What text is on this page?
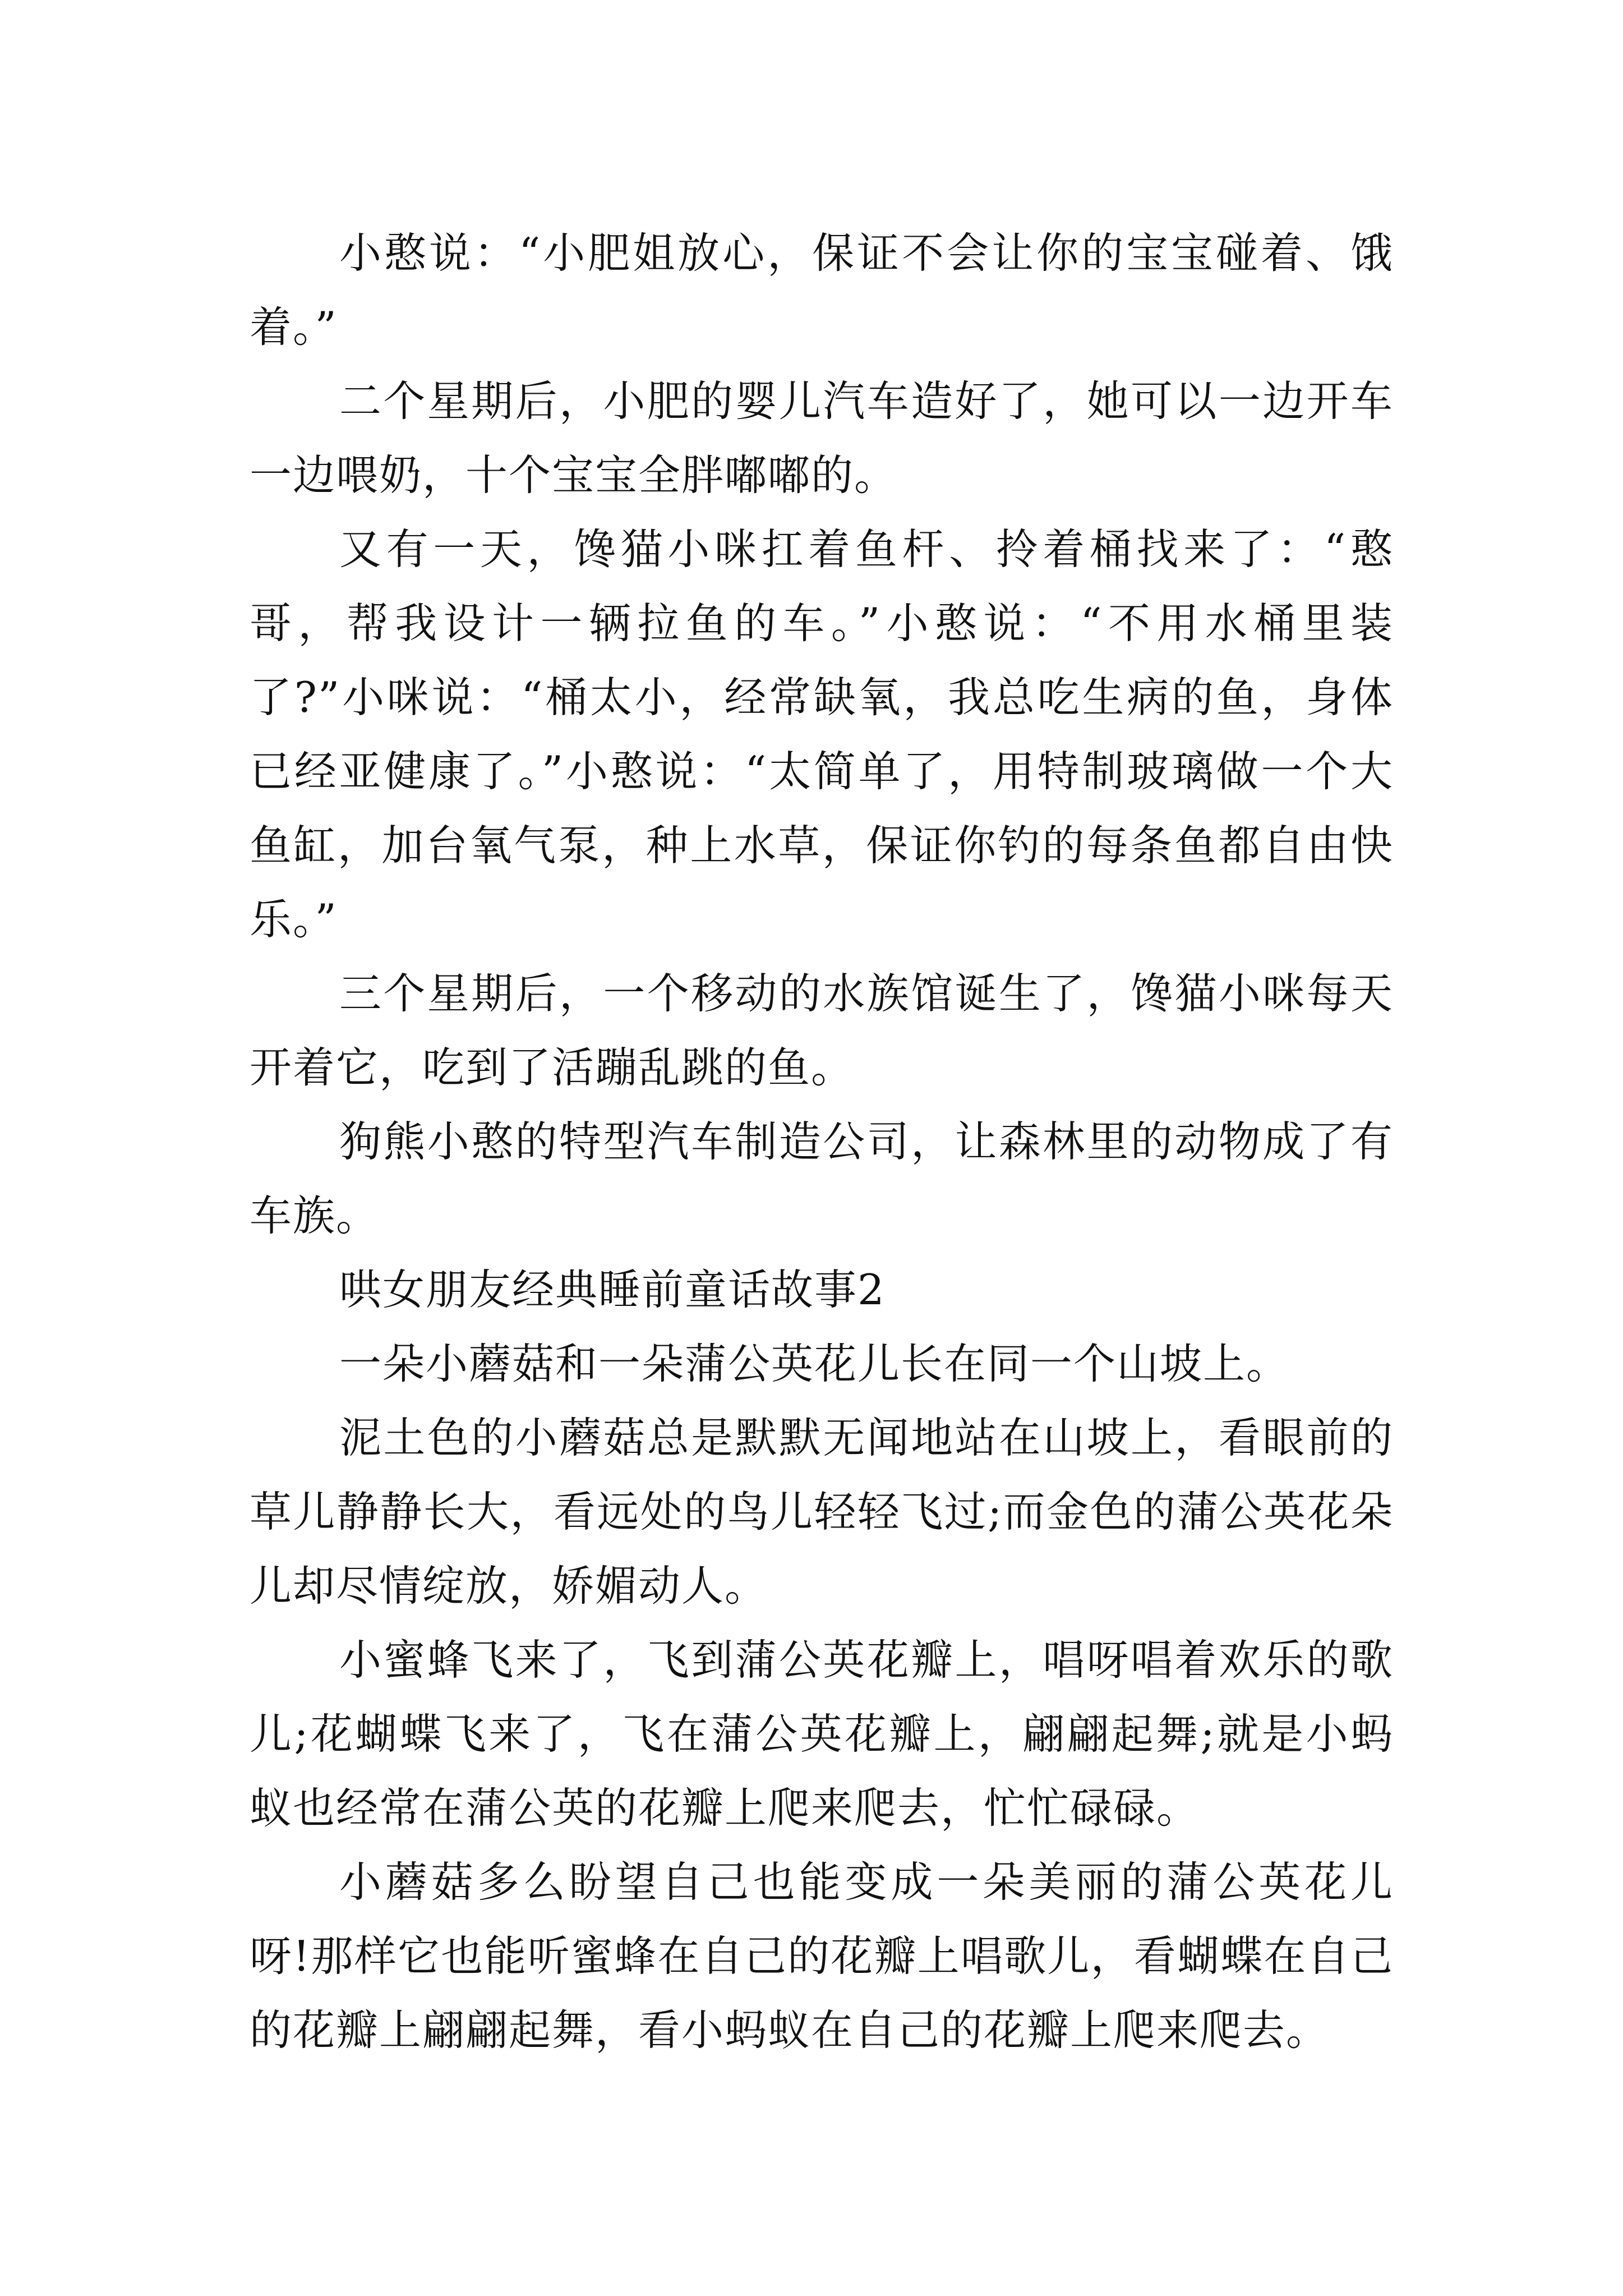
小憨说：“小肥姐放心，保证不会让你的宝宝碰着、饿着。”

二个星期后，小肥的婴儿汽车造好了，她可以一边开车一边喂奶，十个宝宝全胖嘟嘟的。

又有一天，馋猫小咪扛着鱼杆、拎着桶找来了：“憨哥，帮我设计一辆拉鱼的车。”小憨说：“不用水桶里装了?”小咪说：“桶太小，经常缺氧，我总吃生病的鱼，身体已经亚健康了。”小憨说：“太简单了，用特制玻璃做一个大鱼缸，加台氧气泵，种上水草，保证你钓的每条鱼都自由快乐。”

三个星期后，一个移动的水族馆诞生了，馋猫小咪每天开着它，吃到了活蹦乱跳的鱼。

狗熊小憨的特型汽车制造公司，让森林里的动物成了有车族。

哄女朋友经典睡前童话故事2

一朵小蘑菇和一朵蒲公英花儿长在同一个山坡上。

泥土色的小蘑菇总是默默无闻地站在山坡上，看眼前的草儿静静长大，看远处的鸟儿轻轻飞过;而金色的蒲公英花朵儿却尽情绽放，娇媚动人。

小蜜蜂飞来了，飞到蒲公英花瓣上，唱呀唱着欢乐的歌儿;花蝴蝶飞来了，飞在蒲公英花瓣上，翩翩起舞;就是小蚂蚁也经常在蒲公英的花瓣上爬来爬去，忙忙碌碌。

小蘑菇多么盼望自己也能变成一朵美丽的蒲公英花儿呀!那样它也能听蜜蜂在自己的花瓣上唱歌儿，看蝴蝶在自己的花瓣上翩翩起舞，看小蚂蚁在自己的花瓣上爬来爬去。
